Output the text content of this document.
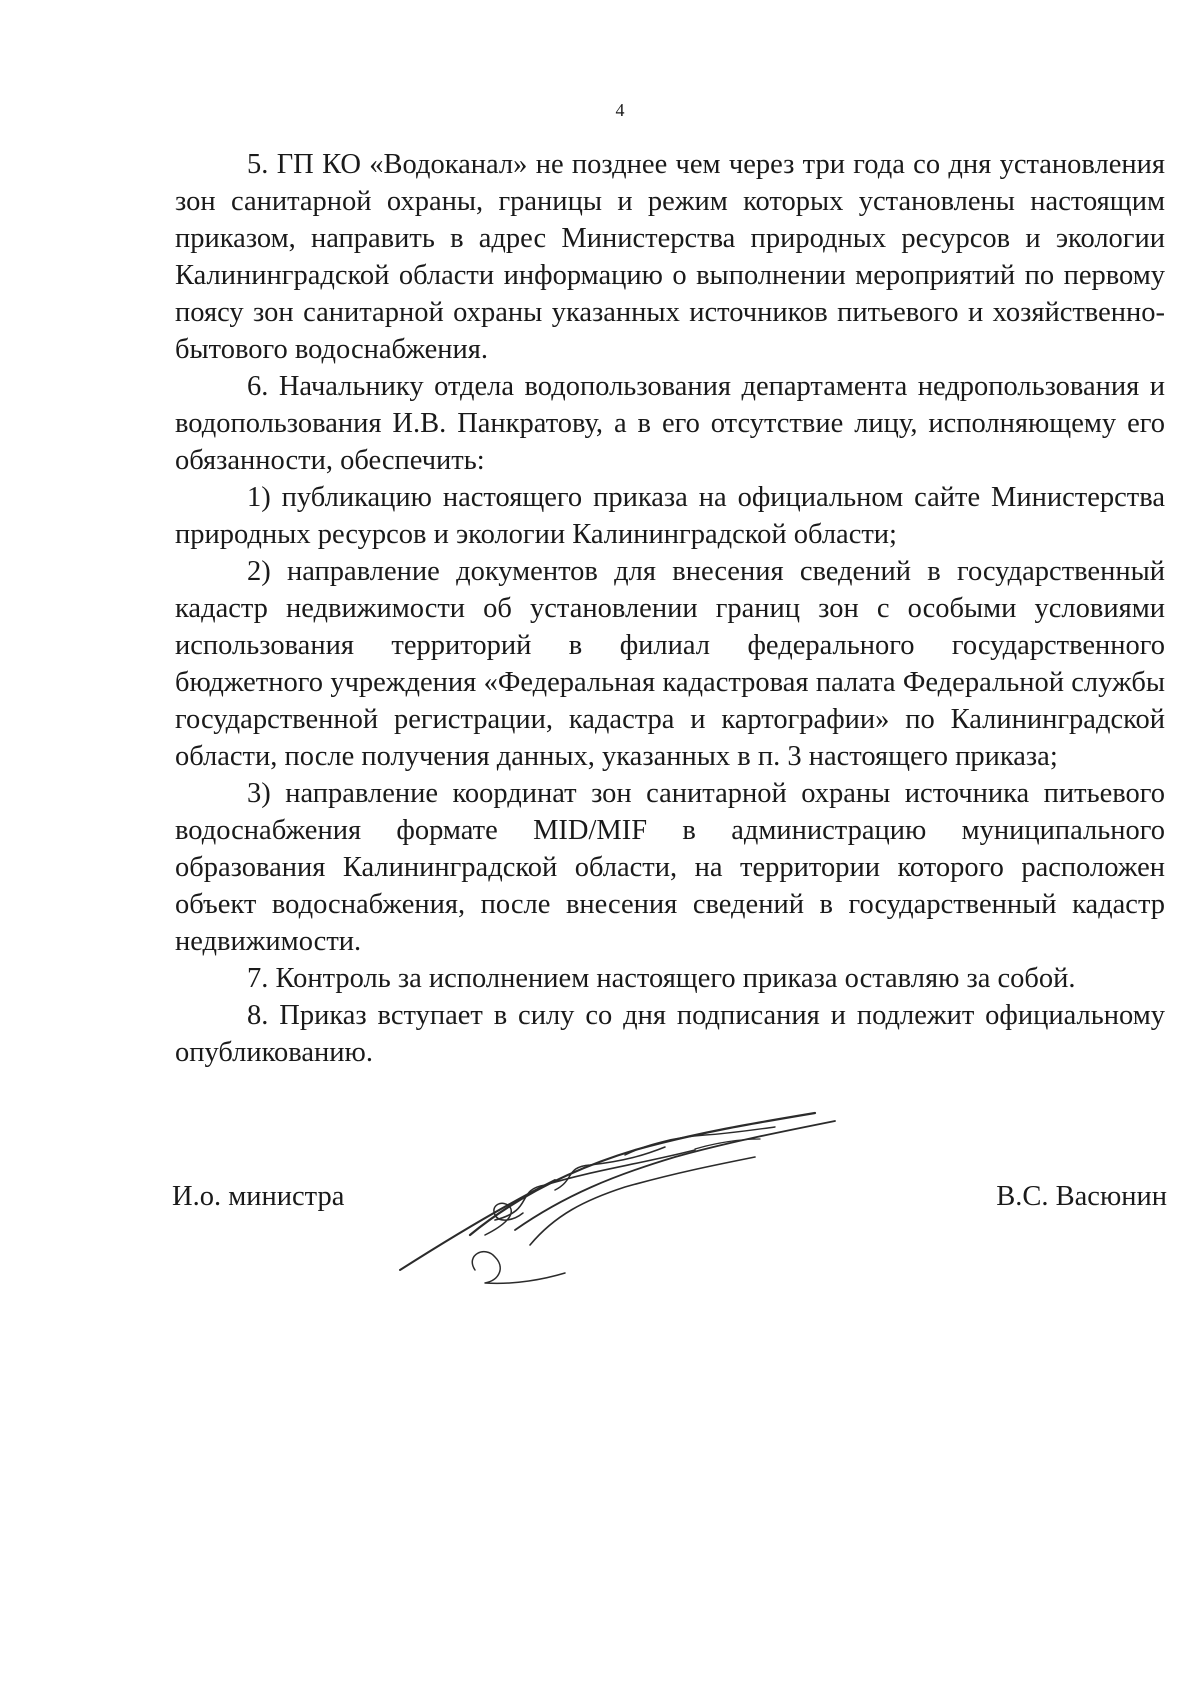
4

5. ГП КО «Водоканал» не позднее чем через три года со дня установления зон санитарной охраны, границы и режим которых установлены настоящим приказом, направить в адрес Министерства природных ресурсов и экологии Калининградской области информацию о выполнении мероприятий по первому поясу зон санитарной охраны указанных источников питьевого и хозяйственно-бытового водоснабжения.

6. Начальнику отдела водопользования департамента недропользования и водопользования И.В. Панкратову, а в его отсутствие лицу, исполняющему его обязанности, обеспечить:

1) публикацию настоящего приказа на официальном сайте Министерства природных ресурсов и экологии Калининградской области;

2) направление документов для внесения сведений в государственный кадастр недвижимости об установлении границ зон с особыми условиями использования территорий в филиал федерального государственного бюджетного учреждения «Федеральная кадастровая палата Федеральной службы государственной регистрации, кадастра и картографии» по Калининградской области, после получения данных, указанных в п. 3 настоящего приказа;

3) направление координат зон санитарной охраны источника питьевого водоснабжения формате MID/MIF в администрацию муниципального образования Калининградской области, на территории которого расположен объект водоснабжения, после внесения сведений в государственный кадастр недвижимости.

7. Контроль за исполнением настоящего приказа оставляю за собой.

8. Приказ вступает в силу со дня подписания и подлежит официальному опубликованию.

И.о. министра	В.С. Васюнин
